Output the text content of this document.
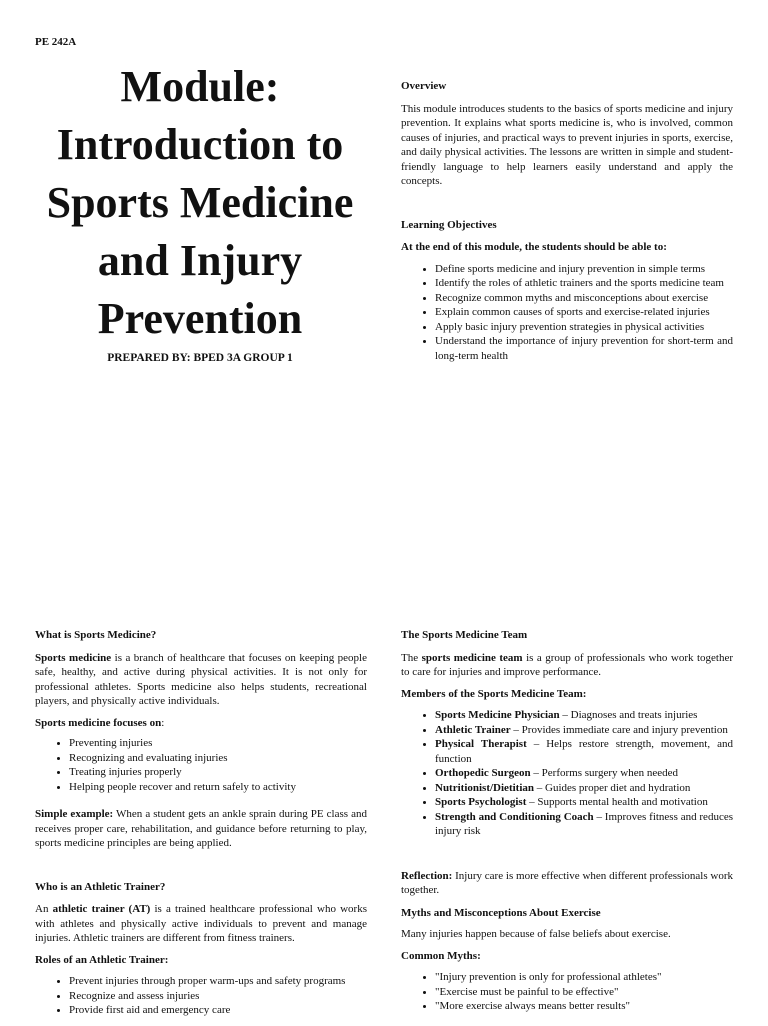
PE 242A
Module: Introduction to Sports Medicine and Injury Prevention
PREPARED BY: BPED 3A GROUP 1
Overview

This module introduces students to the basics of sports medicine and injury prevention. It explains what sports medicine is, who is involved, common causes of injuries, and practical ways to prevent injuries in sports, exercise, and daily physical activities. The lessons are written in simple and student-friendly language to help learners easily understand and apply the concepts.

Learning Objectives
At the end of this module, the students should be able to:
• Define sports medicine and injury prevention in simple terms
• Identify the roles of athletic trainers and the sports medicine team
• Recognize common myths and misconceptions about exercise
• Explain common causes of sports and exercise-related injuries
• Apply basic injury prevention strategies in physical activities
• Understand the importance of injury prevention for short-term and long-term health
What is Sports Medicine?

Sports medicine is a branch of healthcare that focuses on keeping people safe, healthy, and active during physical activities. It is not only for professional athletes. Sports medicine also helps students, recreational players, and physically active individuals.

Sports medicine focuses on:
• Preventing injuries
• Recognizing and evaluating injuries
• Treating injuries properly
• Helping people recover and return safely to activity

Simple example: When a student gets an ankle sprain during PE class and receives proper care, rehabilitation, and guidance before returning to play, sports medicine principles are being applied.

Who is an Athletic Trainer?

An athletic trainer (AT) is a trained healthcare professional who works with athletes and physically active individuals to prevent and manage injuries. Athletic trainers are different from fitness trainers.

Roles of an Athletic Trainer:
• Prevent injuries through proper warm-ups and safety programs
• Recognize and assess injuries
• Provide first aid and emergency care
The Sports Medicine Team

The sports medicine team is a group of professionals who work together to care for injuries and improve performance.

Members of the Sports Medicine Team:
• Sports Medicine Physician – Diagnoses and treats injuries
• Athletic Trainer – Provides immediate care and injury prevention
• Physical Therapist – Helps restore strength, movement, and function
• Orthopedic Surgeon – Performs surgery when needed
• Nutritionist/Dietitian – Guides proper diet and hydration
• Sports Psychologist – Supports mental health and motivation
• Strength and Conditioning Coach – Improves fitness and reduces injury risk

Reflection: Injury care is more effective when different professionals work together.

Myths and Misconceptions About Exercise

Many injuries happen because of false beliefs about exercise.

Common Myths:
• "Injury prevention is only for professional athletes"
• "Exercise must be painful to be effective"
• "More exercise always means better results"
